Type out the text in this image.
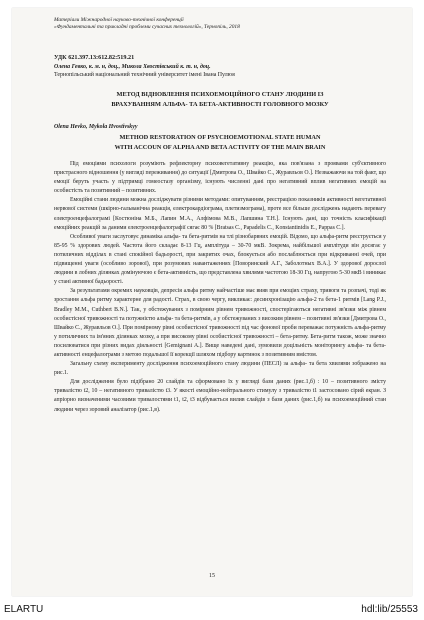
Матеріали Міжнародної науково-технічної конференції
«Фундаментальні та прикладні проблеми сучасних технологій», Тернопіль, 2018
УДК 621.397.13:612.82:519.21
Олена Гевко, к. м. н, доц., Микола Хвостівський к. т. н, доц.
Тернопільський національний технічний університет імені Івана Пулюя
МЕТОД ВІДНОВЛЕННЯ ПСИХОЕМОЦІЙНОГО СТАНУ ЛЮДИНИ ІЗ
ВРАХУВАННЯМ АЛЬФА- ТА БЕТА-АКТИВНОСТІ ГОЛОВНОГО МОЗКУ
Olena Hevko, Mykola Hvostivskyy
METHOD RESTORATION OF PSYCHOEMOTIONAL STATE HUMAN
WITH ACCOUN OF ALPHA AND BETA ACTIVITY OF THE MAIN BRAIN

Під емоціями психологи розуміють рефлекторну психовегетативну реакцію, яка пов'язана з проявами суб'єктивного пристрасного відношення (у вигляді переживання) до ситуації [Дмитрова О., Швайко С., Журавльов О.]. Незважаючи на той факт, що емоції беруть участь у підтримці гомеостазу організму, існують численні дані про негативний вплив негативних емоцій на особистість та позитивний – позитивних.

Емоційні стани людини можна досліджувати різними методами: опитуванням, реєстрацією показників активності вегетативної нервової системи (шкірно-гальванічна реакція, електрокардіограма, плетизмограма), проте все більше досліджень надають перевагу електроенцефалограмі [Костюніна М.Б., Лапин М.А., Алфімова М.В., Лапшина Т.Н.]. Існують дані, що точність класифікації емоційних реакцій за даними електроенцефалографії сягає 80 % [Bratsas C., Papadelis C., Konstantinidis E., Pappas C.].

Особливої уваги заслуговує динаміка альфа- та бета-ритмів на тлі різнобарвних емоцій. Відомо, що альфа-ритм реєструється у 85-95 % здорових людей. Частота його складає 8-13 Гц, амплітуда – 30-70 мкВ. Зокрема, найбільшої амплітуди він досягає у потиличних відділах в стані спокійної бадьорості, при закритих очах, блокується або послаблюється при відкриванні очей, при підвищенні уваги (особливо зорової), при розумових навантаженнях [Поворинский А.Г., Заболотных В.А.]. У здорової дорослої людини в лобних ділянках домінуючою є бета-активність, що представлена хвилями частотою 18-30 Гц, напругою 5-30 мкВ і виникає у стані активної бадьорості.

За результатами окремих науковців, депресія альфа ритму найчастіше має вияв при емоціях страху, тривоги та розпачі, тоді як зростання альфа ритму характерне для радості. Страх, в свою чергу, викликає: десинхронізацію альфа-2 та бета-1 ритмів [Lang P.J., Bradley M.M., Cuthbert B.N.]. Так, у обстежуваних з помірним рівнем тривожності, спостерігаються негативні зв'язки між рівнем особистісної тривожності та потужністю альфа- та бета-ритмів, а у обстежуваних з високим рівнем – позитивні зв'язки [Дмитрова О., Швайко С., Журавльов О.]. При помірному рівні особистісної тривожності під час фонової проби переважає потужність альфа-ритму у потиличних та ім'яних ділянках мозку, а при високому рівні особистісної тривожності – бета-ритму. Бета-ритм також, може значно посилюватися при різних видах діяльності [Gemignani A.]. Вище наведені дані, зумовили доцільність моніторингу альфа- та бета-активності енцефалограми з метою подальшої її корекції шляхом підбору картинок з позитивним вмістом.

Загальну схему експерименту дослідження психоемоційного стану людини (ПЕСЛ) за альфа- та бета хвилями зображено на рис.1.

Для дослідження було підібрано 20 слайдів та сформовано їх у вигляді бази даних (рис.1,б) : 10 – позитивного змісту тривалістю t2, 10 – негативного тривалістю t3. У якості емоційно-нейтрального стимулу з тривалістю t1 застосовано сірий екран. З апріорно визначеними часовими тривалостями t1, t2, t3 відбувається вилив слайдів з бази даних (рис.1,б) на психоемоційний стан людини через зоровий аналізатор (рис.1,в).

15
ELARTU	hdl:lib/25553
